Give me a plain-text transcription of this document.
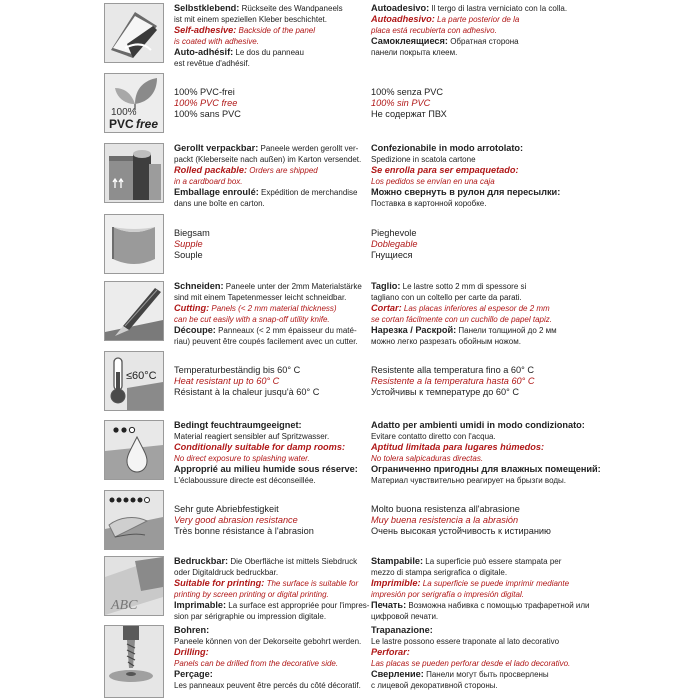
Selbstklebend: Rückseite des Wandpaneels
ist mit einem speziellen Kleber beschichtet.
Self-adhesive: Backside of the panel
is coated with adhesive.
Auto-adhésif: Le dos du panneau
est revêtue d'adhésif.
Autoadesivo: Il tergo di lastra verniciato con la colla.
Autoadhesivo: La parte posterior de la
placa está recubierta con adhesivo.
Самоклеящиеся: Обратная сторона
панели покрыта клеем.
100%
PVC free
100% PVC-frei
100% PVC free
100% sans PVC
100% senza PVC
100% sin PVC
Не содержат ПВХ
Gerollt verpackbar: Paneele werden gerollt ver-
packt (Kleberseite nach außen) im Karton versendet.
Rolled packable: Orders are shipped
in a cardboard box.
Emballage enroulé: Expédition de merchandise
dans une boîte en carton.
Confezionabile in modo arrotolato:
Spedizione in scatola cartone
Se enrolla para ser empaquetado:
Los pedidos se envían en una caja
Можно свернуть в рулон для пересылки:
Поставка в картонной коробке.
Biegsam
Supple
Souple
Pieghevole
Doblegable
Гнущиеся
Schneiden: Paneele unter der 2mm Materialstärke
sind mit einem Tapetenmesser leicht schneidbar.
Cutting: Panels (< 2 mm material thickness)
can be cut easily with a snap-off utility knife.
Découpe: Panneaux (< 2 mm épaisseur du maté-
riau) peuvent être coupés facilement avec un cutter.
Taglio: Le lastre sotto 2 mm di spessore si
tagliano con un coltello per carte da parati.
Cortar: Las placas inferiores al espesor de 2 mm
se cortan fácilmente con un cuchillo de papel tapiz.
Нарезка / Раскрой: Панели толщиной до 2 мм
можно легко разрезать обойным ножом.
≤60°C Temperaturbeständig bis 60° C
Heat resistant up to 60° C
Résistant à la chaleur jusqu'à 60° C
Resistente alla temperatura fino a 60° C
Resistente a la temperatura hasta 60° C
Устойчивы к температуре до 60° С
Bedingt feuchtraumgeeignet:
Material reagiert sensibler auf Spritzwasser.
Conditionally suitable for damp rooms:
No direct exposure to splashing water.
Approprié au milieu humide sous réserve:
L'éclaboussure directe est déconseillée.
Adatto per ambienti umidi in modo condizionato:
Evitare contatto diretto con l'acqua.
Aptitud limitada para lugares húmedos:
No tolera salpicaduras directas.
Ограниченно пригодны для влажных помещений:
Материал чувствительно реагирует на брызги воды.
Sehr gute Abriebfestigkeit
Very good abrasion resistance
Très bonne résistance à l'abrasion
Molto buona resistenza all'abrasione
Muy buena resistencia a la abrasión
Очень высокая устойчивость к истиранию
ABC
Bedruckbar: Die Oberfläche ist mittels Siebdruck
oder Digitaldruck bedruckbar.
Suitable for printing: The surface is suitable for
printing by screen printing or digital printing.
Imprimable: La surface est appropriée pour l'impres-
sion par sérigraphie ou impression digitale.
Stampabile: La superficie può essere stampata per
mezzo di stampa serigrafica o digitale.
Imprimible: La superficie se puede imprimir mediante
impresión por serigrafía o impresión digital.
Печать: Возможна набивка с помощью трафаретной или
цифровой печати.
Bohren:
Paneele können von der Dekorseite gebohrt werden.
Drilling:
Panels can be drilled from the decorative side.
Perçage:
Les panneaux peuvent être percés du côté décoratif.
Trapanazione:
Le lastre possono essere traponate al lato decorativo
Perforar:
Las placas se pueden perforar desde el lado decorativo.
Сверление: Панели могут быть просверлены
с лицевой декоративной стороны.
